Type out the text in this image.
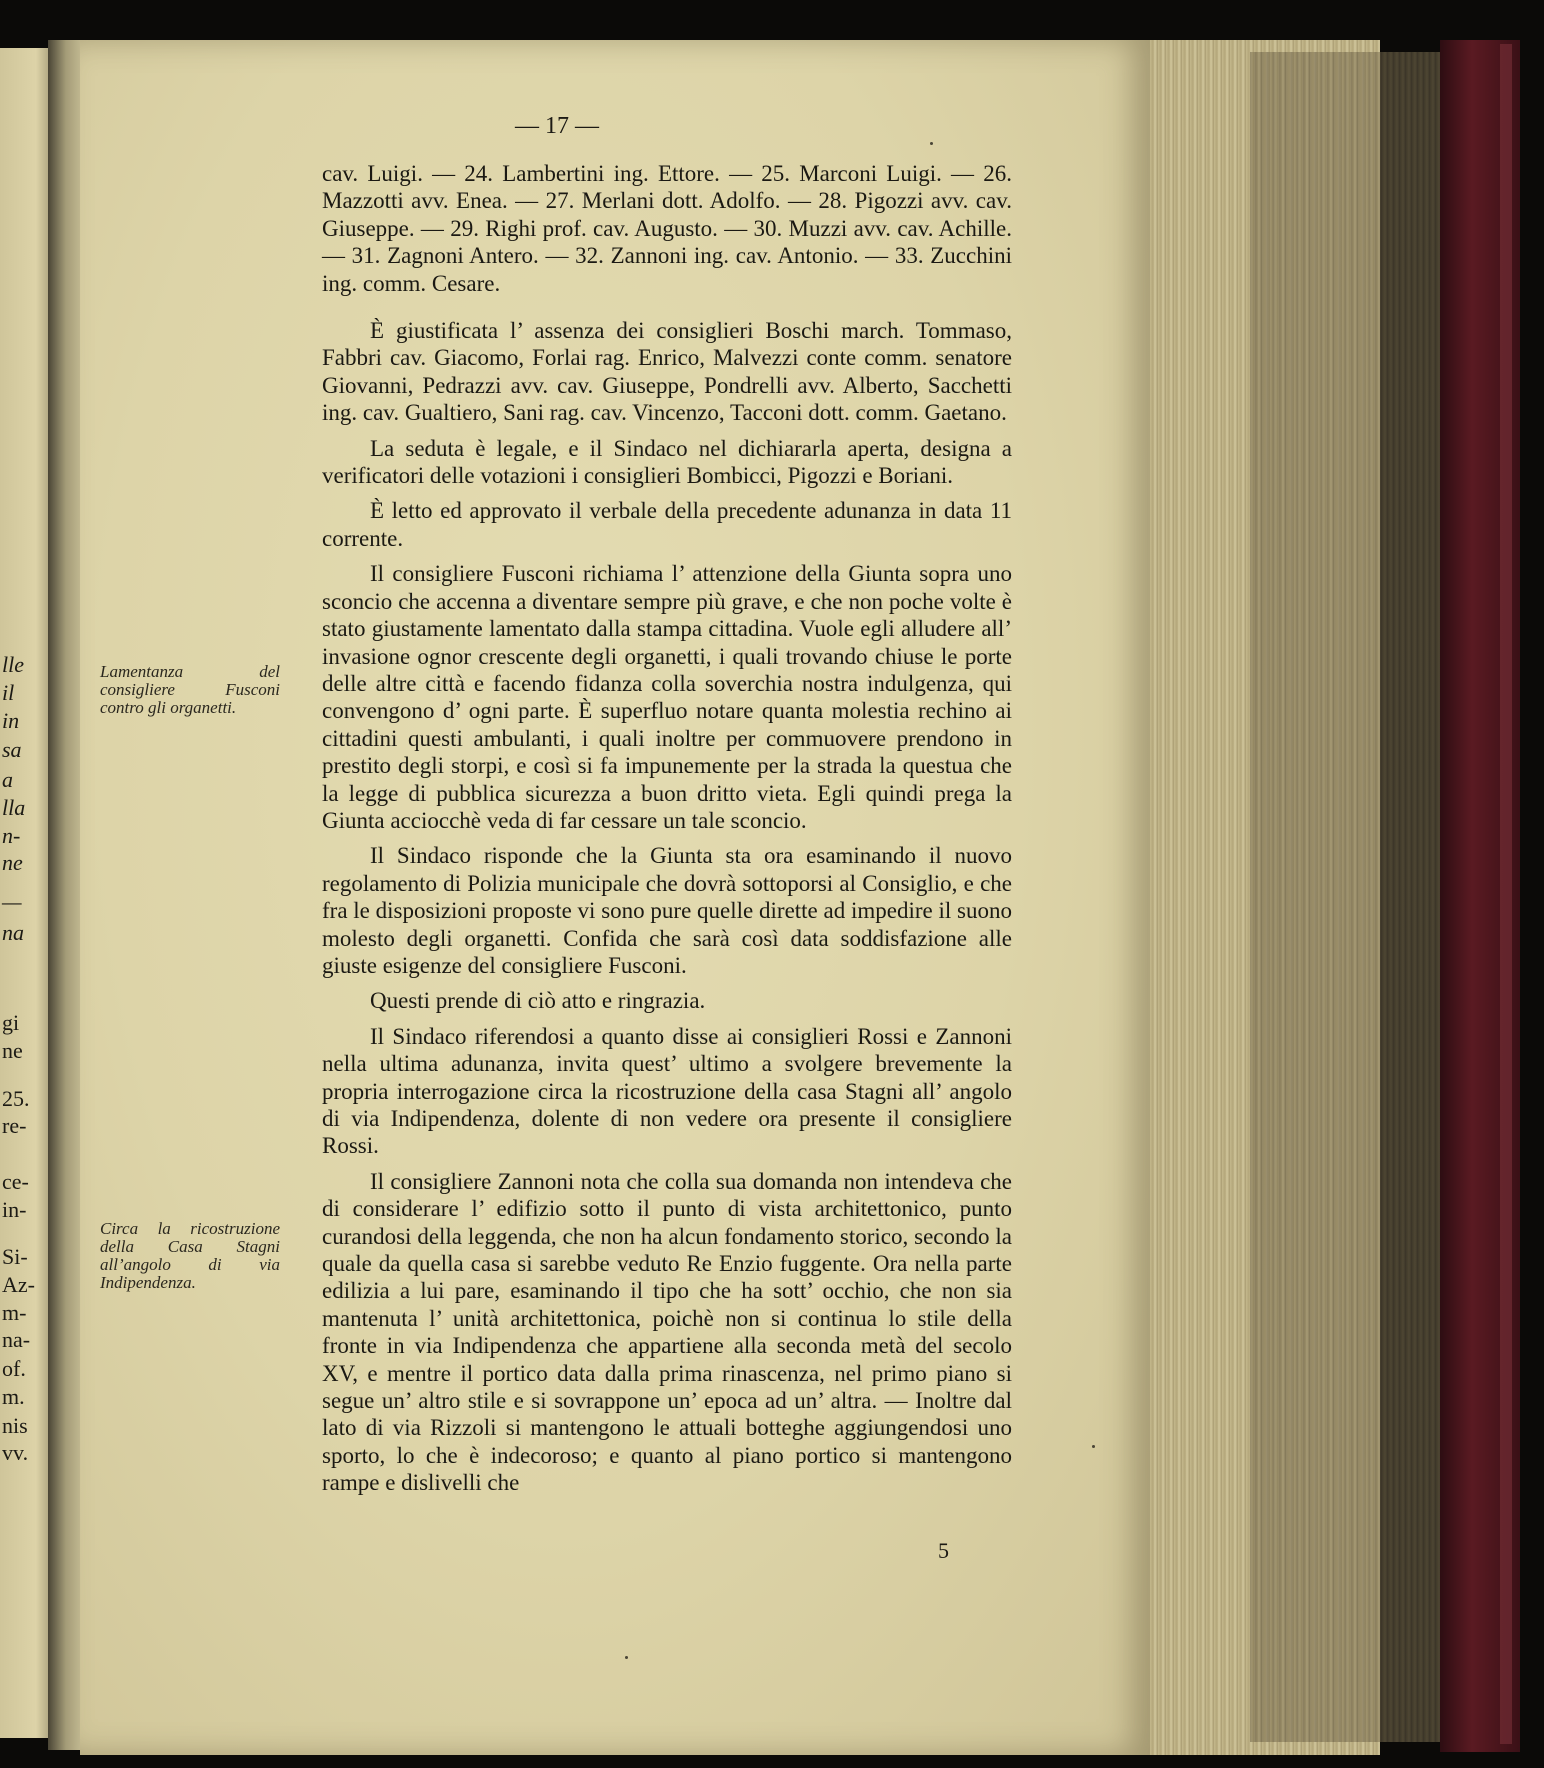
lle
il
in
sa
a
lla
n-
ne
—
na
gi
ne
25.
re-
ce-
in-
Si-
Az-
m-
na-
of.
m.
nis
vv.
— 17 —

cav. Luigi. — 24. Lambertini ing. Ettore. — 25. Marconi Luigi. — 26. Mazzotti avv. Enea. — 27. Merlani dott. Adolfo. — 28. Pigozzi avv. cav. Giuseppe. — 29. Righi prof. cav. Augusto. — 30. Muzzi avv. cav. Achille. — 31. Zagnoni Antero. — 32. Zannoni ing. cav. Antonio. — 33. Zucchini ing. comm. Cesare.

È giustificata l’ assenza dei consiglieri Boschi march. Tommaso, Fabbri cav. Giacomo, Forlai rag. Enrico, Malvezzi conte comm. senatore Giovanni, Pedrazzi avv. cav. Giuseppe, Pondrelli avv. Alberto, Sacchetti ing. cav. Gualtiero, Sani rag. cav. Vincenzo, Tacconi dott. comm. Gaetano.

La seduta è legale, e il Sindaco nel dichiararla aperta, designa a verificatori delle votazioni i consiglieri Bombicci, Pigozzi e Boriani.

È letto ed approvato il verbale della precedente adunanza in data 11 corrente.

Il consigliere Fusconi richiama l’ attenzione della Giunta sopra uno sconcio che accenna a diventare sempre più grave, e che non poche volte è stato giustamente lamentato dalla stampa cittadina. Vuole egli alludere all’ invasione ognor crescente degli organetti, i quali trovando chiuse le porte delle altre città e facendo fidanza colla soverchia nostra indulgenza, qui convengono d’ ogni parte. È superfluo notare quanta molestia rechino ai cittadini questi ambulanti, i quali inoltre per commuovere prendono in prestito degli storpi, e così si fa impunemente per la strada la questua che la legge di pubblica sicurezza a buon dritto vieta. Egli quindi prega la Giunta acciocchè veda di far cessare un tale sconcio.

Il Sindaco risponde che la Giunta sta ora esaminando il nuovo regolamento di Polizia municipale che dovrà sottoporsi al Consiglio, e che fra le disposizioni proposte vi sono pure quelle dirette ad impedire il suono molesto degli organetti. Confida che sarà così data soddisfazione alle giuste esigenze del consigliere Fusconi.

Questi prende di ciò atto e ringrazia.

Il Sindaco riferendosi a quanto disse ai consiglieri Rossi e Zannoni nella ultima adunanza, invita quest’ ultimo a svolgere brevemente la propria interrogazione circa la ricostruzione della casa Stagni all’ angolo di via Indipendenza, dolente di non vedere ora presente il consigliere Rossi.

Il consigliere Zannoni nota che colla sua domanda non intendeva che di considerare l’ edifizio sotto il punto di vista architettonico, punto curandosi della leggenda, che non ha alcun fondamento storico, secondo la quale da quella casa si sarebbe veduto Re Enzio fuggente. Ora nella parte edilizia a lui pare, esaminando il tipo che ha sott’ occhio, che non sia mantenuta l’ unità architettonica, poichè non si continua lo stile della fronte in via Indipendenza che appartiene alla seconda metà del secolo XV, e mentre il portico data dalla prima rinascenza, nel primo piano si segue un’ altro stile e si sovrappone un’ epoca ad un’ altra. — Inoltre dal lato di via Rizzoli si mantengono le attuali botteghe aggiungendosi uno sporto, lo che è indecoroso; e quanto al piano portico si mantengono rampe e dislivelli che

Lamentanza del consigliere Fusconi contro gli organetti.
Circa la ricostruzione della Casa Stagni all’angolo di via Indipendenza.
5
